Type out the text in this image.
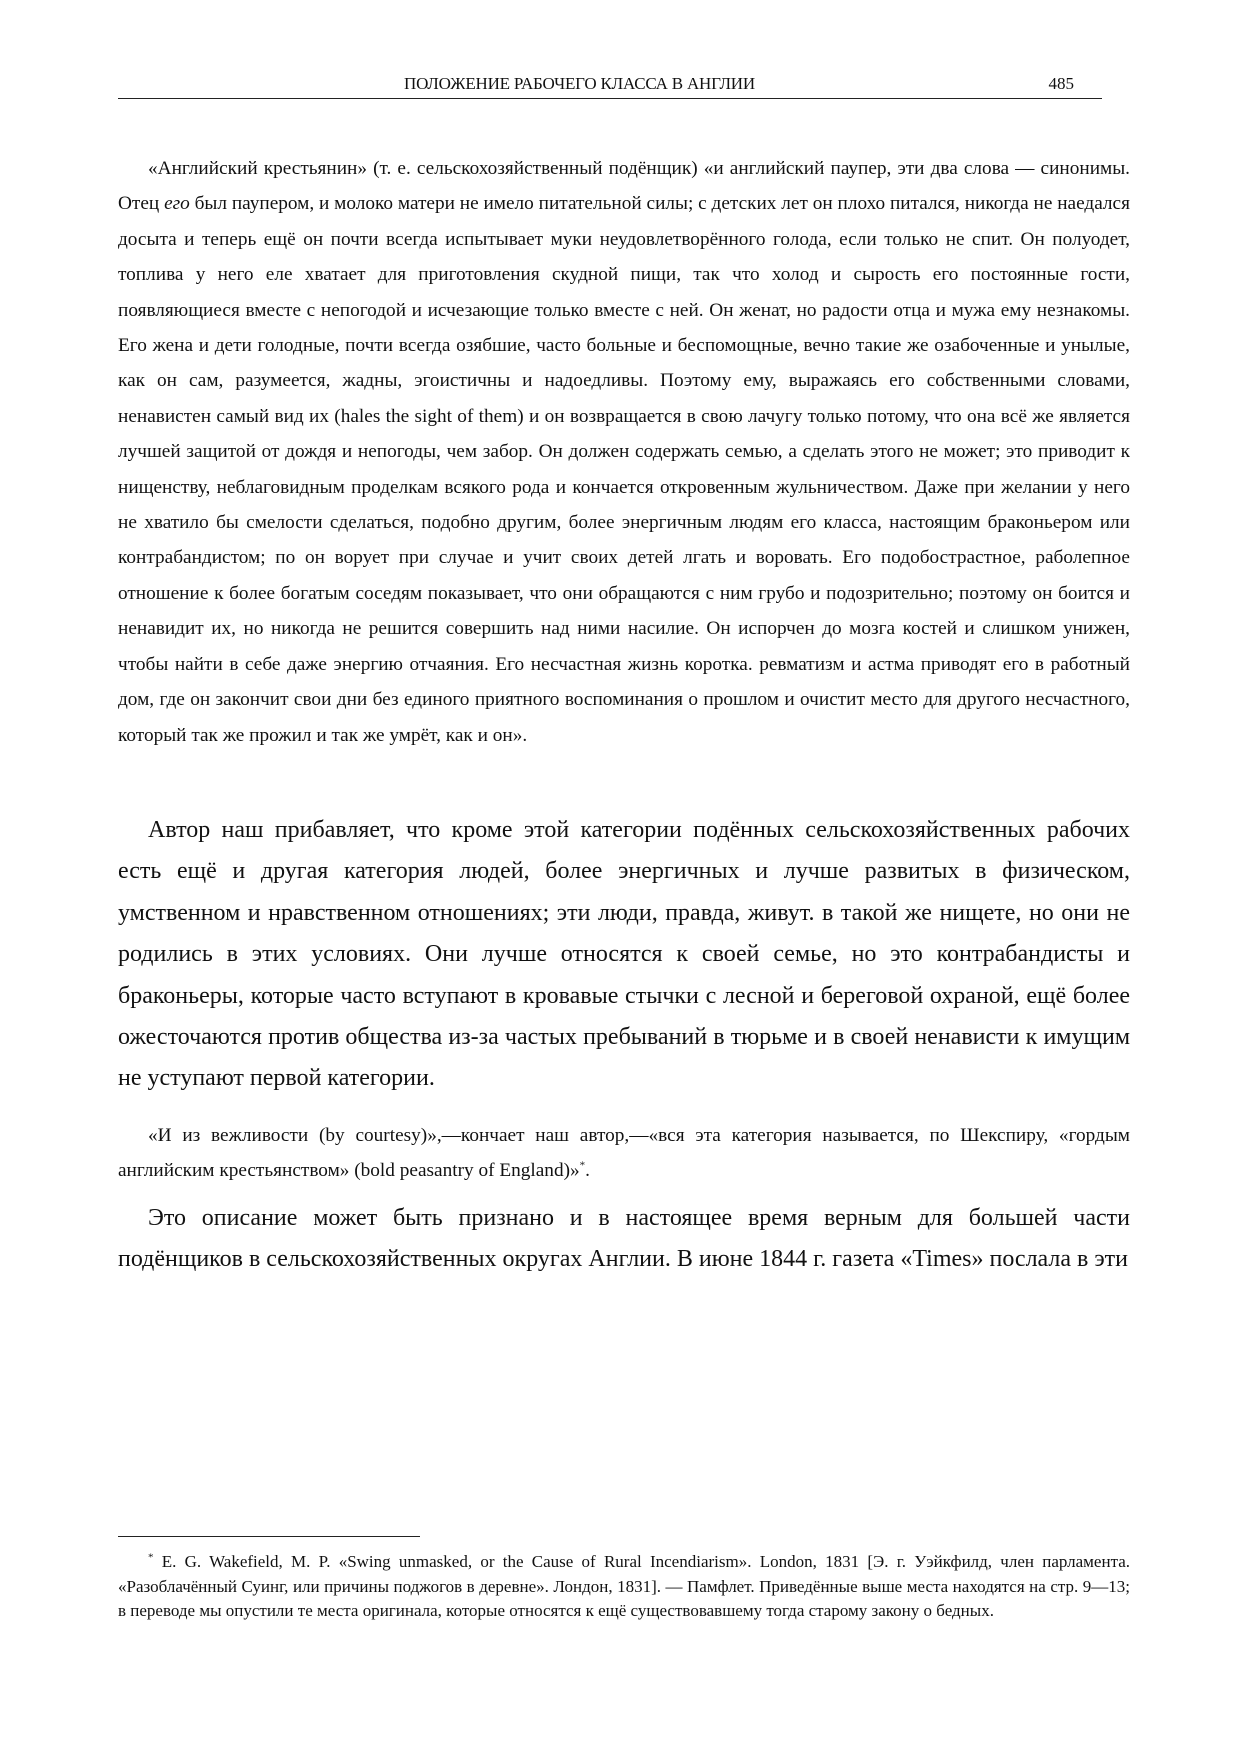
ПОЛОЖЕНИЕ РАБОЧЕГО КЛАССА В АНГЛИИ	485

«Английский крестьянин» (т. е. сельскохозяйственный подёнщик) «и английский паупер, эти два слова — синонимы. Отец его был паупером, и молоко матери не имело питательной силы; с детских лет он плохо питался, никогда не наедался досыта и теперь ещё он почти всегда испытывает муки неудовлетворённого голода, если только не спит. Он полуодет, топлива у него еле хватает для приготовления скудной пищи, так что холод и сырость его постоянные гости, появляющиеся вместе с непогодой и исчезающие только вместе с ней. Он женат, но радости отца и мужа ему незнакомы. Его жена и дети голодные, почти всегда озябшие, часто больные и беспомощные, вечно такие же озабоченные и унылые, как он сам, разумеется, жадны, эгоистичны и надоедливы. Поэтому ему, выражаясь его собственными словами, ненавистен самый вид их (hales the sight of them) и он возвращается в свою лачугу только потому, что она всё же является лучшей защитой от дождя и непогоды, чем забор. Он должен содержать семью, а сделать этого не может; это приводит к нищенству, неблаговидным проделкам всякого рода и кончается откровенным жульничеством. Даже при желании у него не хватило бы смелости сделаться, подобно другим, более энергичным людям его класса, настоящим браконьером или контрабандистом; по он ворует при случае и учит своих детей лгать и воровать. Его подобострастное, раболепное отношение к более богатым соседям показывает, что они обращаются с ним грубо и подозрительно; поэтому он боится и ненавидит их, но никогда не решится совершить над ними насилие. Он испорчен до мозга костей и слишком унижен, чтобы найти в себе даже энергию отчаяния. Его несчастная жизнь коротка. ревматизм и астма приводят его в работный дом, где он закончит свои дни без единого приятного воспоминания о прошлом и очистит место для другого несчастного, который так же прожил и так же умрёт, как и он».

Автор наш прибавляет, что кроме этой категории подённых сельскохозяйственных рабочих есть ещё и другая категория людей, более энергичных и лучше развитых в физическом, умственном и нравственном отношениях; эти люди, правда, живут. в такой же нищете, но они не родились в этих условиях. Они лучше относятся к своей семье, но это контрабандисты и браконьеры, которые часто вступают в кровавые стычки с лесной и береговой охраной, ещё более ожесточаются против общества из-за частых пребываний в тюрьме и в своей ненависти к имущим не уступают первой категории.

«И из вежливости (by courtesy)»,—кончает наш автор,—«вся эта категория называется, по Шекспиру, «гордым английским крестьянством» (bold peasantry of England)»*.

Это описание может быть признано и в настоящее время верным для большей части подёнщиков в сельскохозяйственных округах Англии. В июне 1844 г. газета «Times» послала в эти

* E. G. Wakefield, M. P. «Swing unmasked, or the Cause of Rural Incendiarism». London, 1831 [Э. г. Уэйкфилд, член парламента. «Разоблачённый Суинг, или причины поджогов в деревне». Лондон, 1831]. — Памфлет. Приведённые выше места находятся на стр. 9—13; в переводе мы опустили те места оригинала, которые относятся к ещё существовавшему тогда старому закону о бедных.
